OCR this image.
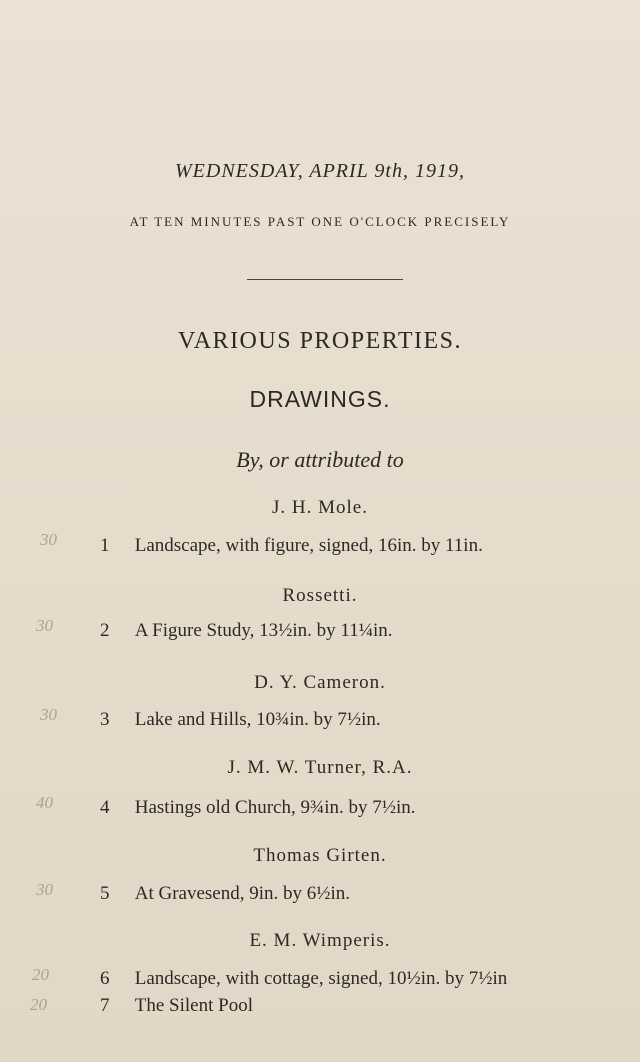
WEDNESDAY, APRIL 9th, 1919,
AT TEN MINUTES PAST ONE O'CLOCK PRECISELY
VARIOUS PROPERTIES.
DRAWINGS.
By, or attributed to
J. H. Mole.
1 Landscape, with figure, signed, 16in. by 11in.
Rossetti.
2 A Figure Study, 13½in. by 11¼in.
D. Y. Cameron.
3 Lake and Hills, 10¾in. by 7½in.
J. M. W. Turner, R.A.
4 Hastings old Church, 9¾in. by 7½in.
Thomas Girten.
5 At Gravesend, 9in. by 6½in.
E. M. Wimperis.
6 Landscape, with cottage, signed, 10½in. by 7½in
7 The Silent Pool
30
30
30
40
30
20
20
